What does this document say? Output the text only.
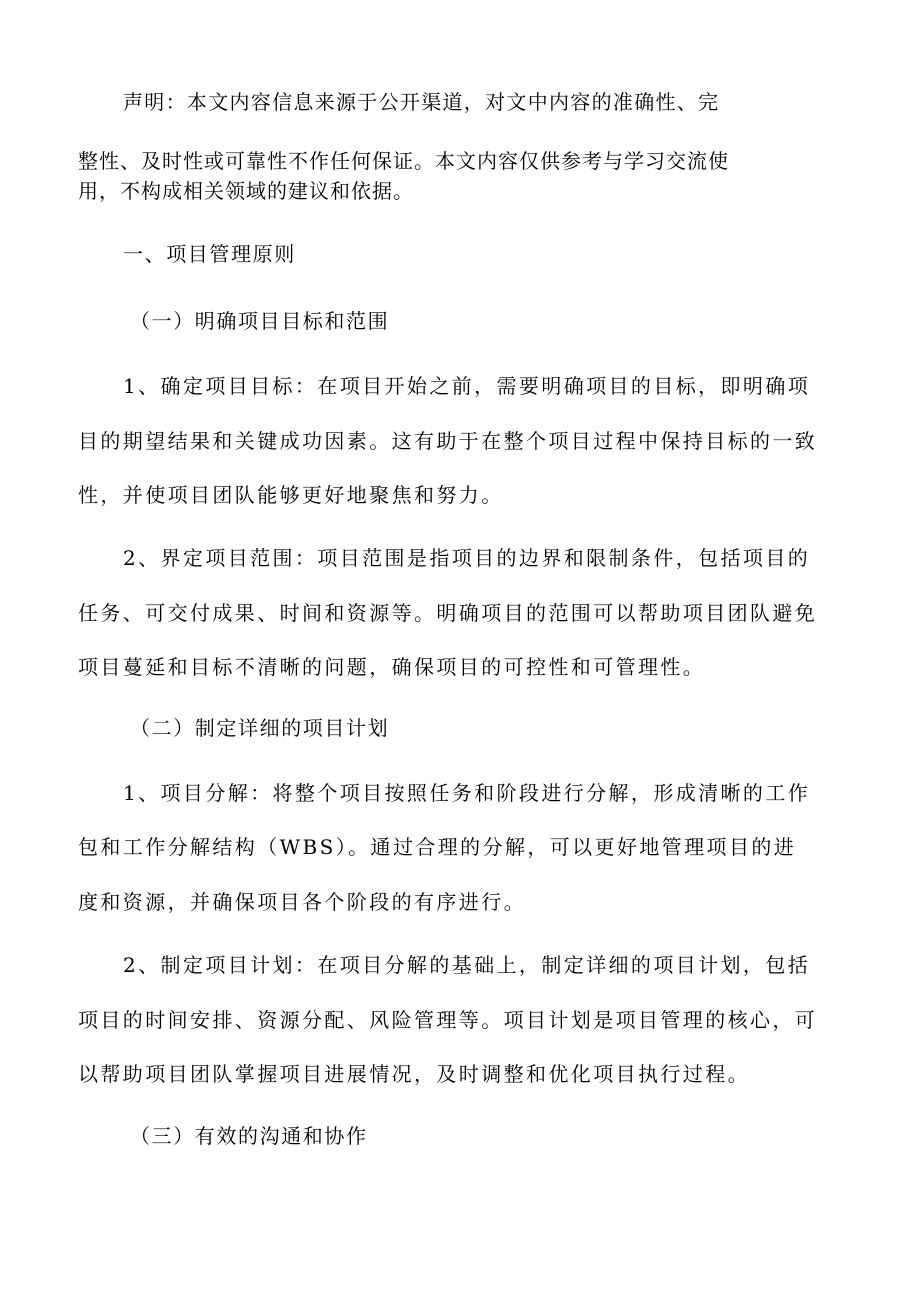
声明：本文内容信息来源于公开渠道，对文中内容的准确性、完
整性、及时性或可靠性不作任何保证。本文内容仅供参考与学习交流使
用，不构成相关领域的建议和依据。
一、项目管理原则
（一）明确项目目标和范围
1、确定项目目标：在项目开始之前，需要明确项目的目标，即明确项
目的期望结果和关键成功因素。这有助于在整个项目过程中保持目标的一致
性，并使项目团队能够更好地聚焦和努力。
2、界定项目范围：项目范围是指项目的边界和限制条件，包括项目的
任务、可交付成果、时间和资源等。明确项目的范围可以帮助项目团队避免
项目蔓延和目标不清晰的问题，确保项目的可控性和可管理性。
（二）制定详细的项目计划
1、项目分解：将整个项目按照任务和阶段进行分解，形成清晰的工作
包和工作分解结构（WBS）。通过合理的分解，可以更好地管理项目的进
度和资源，并确保项目各个阶段的有序进行。
2、制定项目计划：在项目分解的基础上，制定详细的项目计划，包括
项目的时间安排、资源分配、风险管理等。项目计划是项目管理的核心，可
以帮助项目团队掌握项目进展情况，及时调整和优化项目执行过程。
（三）有效的沟通和协作
